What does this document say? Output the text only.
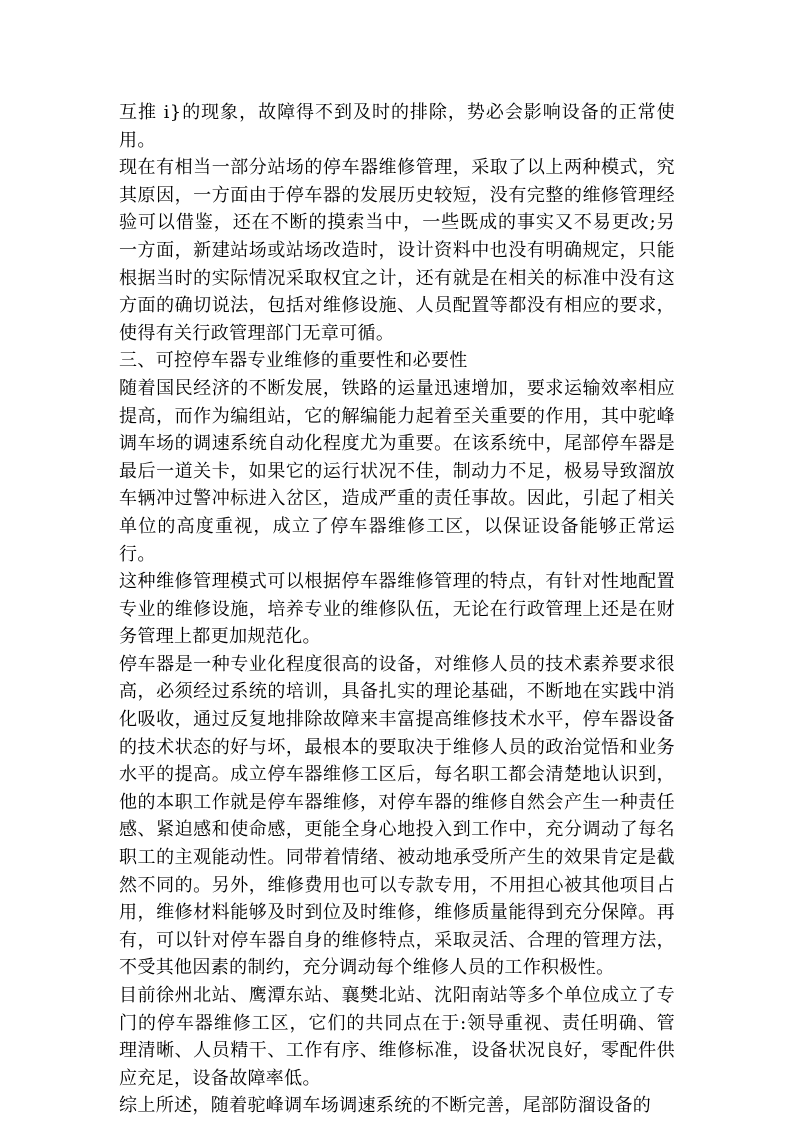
互推 i}的现象，故障得不到及时的排除，势必会影响设备的正常使用。

现在有相当一部分站场的停车器维修管理，采取了以上两种模式，究其原因，一方面由于停车器的发展历史较短，没有完整的维修管理经验可以借鉴，还在不断的摸索当中，一些既成的事实又不易更改;另一方面，新建站场或站场改造时，设计资料中也没有明确规定，只能根据当时的实际情况采取权宜之计，还有就是在相关的标准中没有这方面的确切说法，包括对维修设施、人员配置等都没有相应的要求，使得有关行政管理部门无章可循。

三、可控停车器专业维修的重要性和必要性

随着国民经济的不断发展，铁路的运量迅速增加，要求运输效率相应提高，而作为编组站，它的解编能力起着至关重要的作用，其中驼峰调车场的调速系统自动化程度尤为重要。在该系统中，尾部停车器是最后一道关卡，如果它的运行状况不佳，制动力不足，极易导致溜放车辆冲过警冲标进入岔区，造成严重的责任事故。因此，引起了相关单位的高度重视，成立了停车器维修工区，以保证设备能够正常运行。

这种维修管理模式可以根据停车器维修管理的特点，有针对性地配置专业的维修设施，培养专业的维修队伍，无论在行政管理上还是在财务管理上都更加规范化。

停车器是一种专业化程度很高的设备，对维修人员的技术素养要求很高，必须经过系统的培训，具备扎实的理论基础，不断地在实践中消化吸收，通过反复地排除故障来丰富提高维修技术水平，停车器设备的技术状态的好与坏，最根本的要取决于维修人员的政治觉悟和业务水平的提高。成立停车器维修工区后，每名职工都会清楚地认识到，他的本职工作就是停车器维修，对停车器的维修自然会产生一种责任感、紧迫感和使命感，更能全身心地投入到工作中，充分调动了每名职工的主观能动性。同带着情绪、被动地承受所产生的效果肯定是截然不同的。另外，维修费用也可以专款专用，不用担心被其他项目占用，维修材料能够及时到位及时维修，维修质量能得到充分保障。再有，可以针对停车器自身的维修特点，采取灵活、合理的管理方法，不受其他因素的制约，充分调动每个维修人员的工作积极性。

目前徐州北站、鹰潭东站、襄樊北站、沈阳南站等多个单位成立了专门的停车器维修工区，它们的共同点在于:领导重视、责任明确、管理清晰、人员精干、工作有序、维修标准，设备状况良好，零配件供应充足，设备故障率低。

综上所述，随着驼峰调车场调速系统的不断完善，尾部防溜设备的
